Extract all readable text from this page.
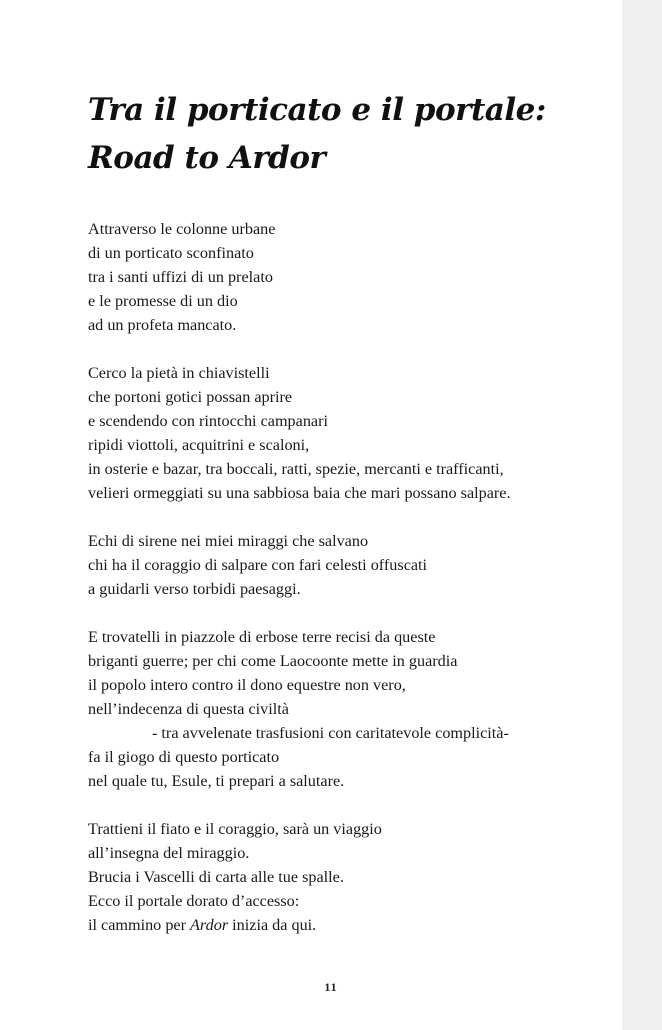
Tra il porticato e il portale:
Road to Ardor
Attraverso le colonne urbane
di un porticato sconfinato
tra i santi uffizi di un prelato
e le promesse di un dio
ad un profeta mancato.
Cerco la pietà in chiavistelli
che portoni gotici possan aprire
e scendendo con rintocchi campanari
ripidi viottoli, acquitrini e scaloni,
in osterie e bazar, tra boccali, ratti, spezie, mercanti e trafficanti,
velieri ormeggiati su una sabbiosa baia che mari possano salpare.
Echi di sirene nei miei miraggi che salvano
chi ha il coraggio di salpare con fari celesti offuscati
a guidarli verso torbidi paesaggi.
E trovatelli in piazzole di erbose terre recisi da queste
briganti guerre; per chi come Laocoonte mette in guardia
il popolo intero contro il dono equestre non vero,
nell’indecenza di questa civiltà
- tra avvelenate trasfusioni con caritatevole complicità-
fa il giogo di questo porticato
nel quale tu, Esule, ti prepari a salutare.
Trattieni il fiato e il coraggio, sarà un viaggio
all’insegna del miraggio.
Brucia i Vascelli di carta alle tue spalle.
Ecco il portale dorato d’accesso:
il cammino per Ardor inizia da qui.
11
